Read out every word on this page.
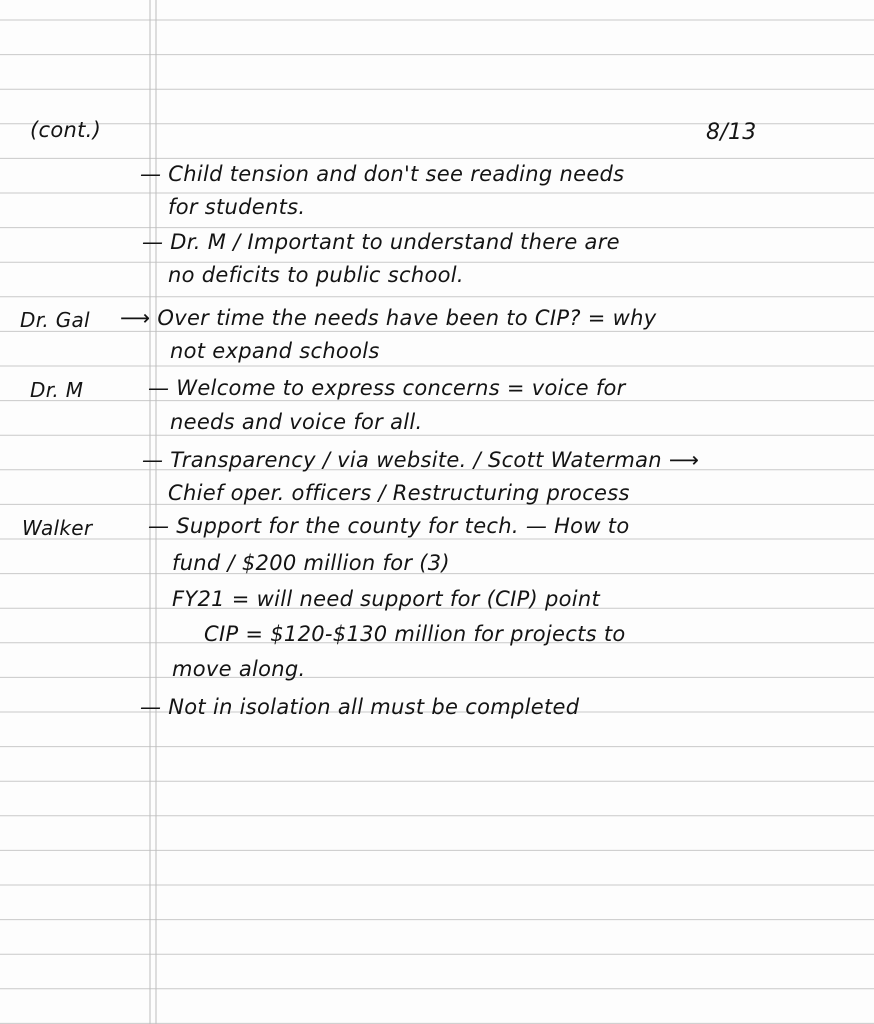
(cont.)	8/13
— Child tension and don't see reading needs
for students.
— Dr. M / Important to understand there are
no deficits to public school.
Dr. Gal ⟶ Over time the needs have been to CIP? = why
not expand schools
Dr. M	— Welcome to express concerns = voice for
needs and voice for all.
— Transparency / via website. / Scott Waterman ⟶
Chief oper. officers / Restructuring process
Walker	— Support for the county for tech. — How to
fund / $200 million for (3)
FY21 = will need support for (CIP) point
CIP = $120-$130 million for projects to
move along.
— Not in isolation all must be completed
